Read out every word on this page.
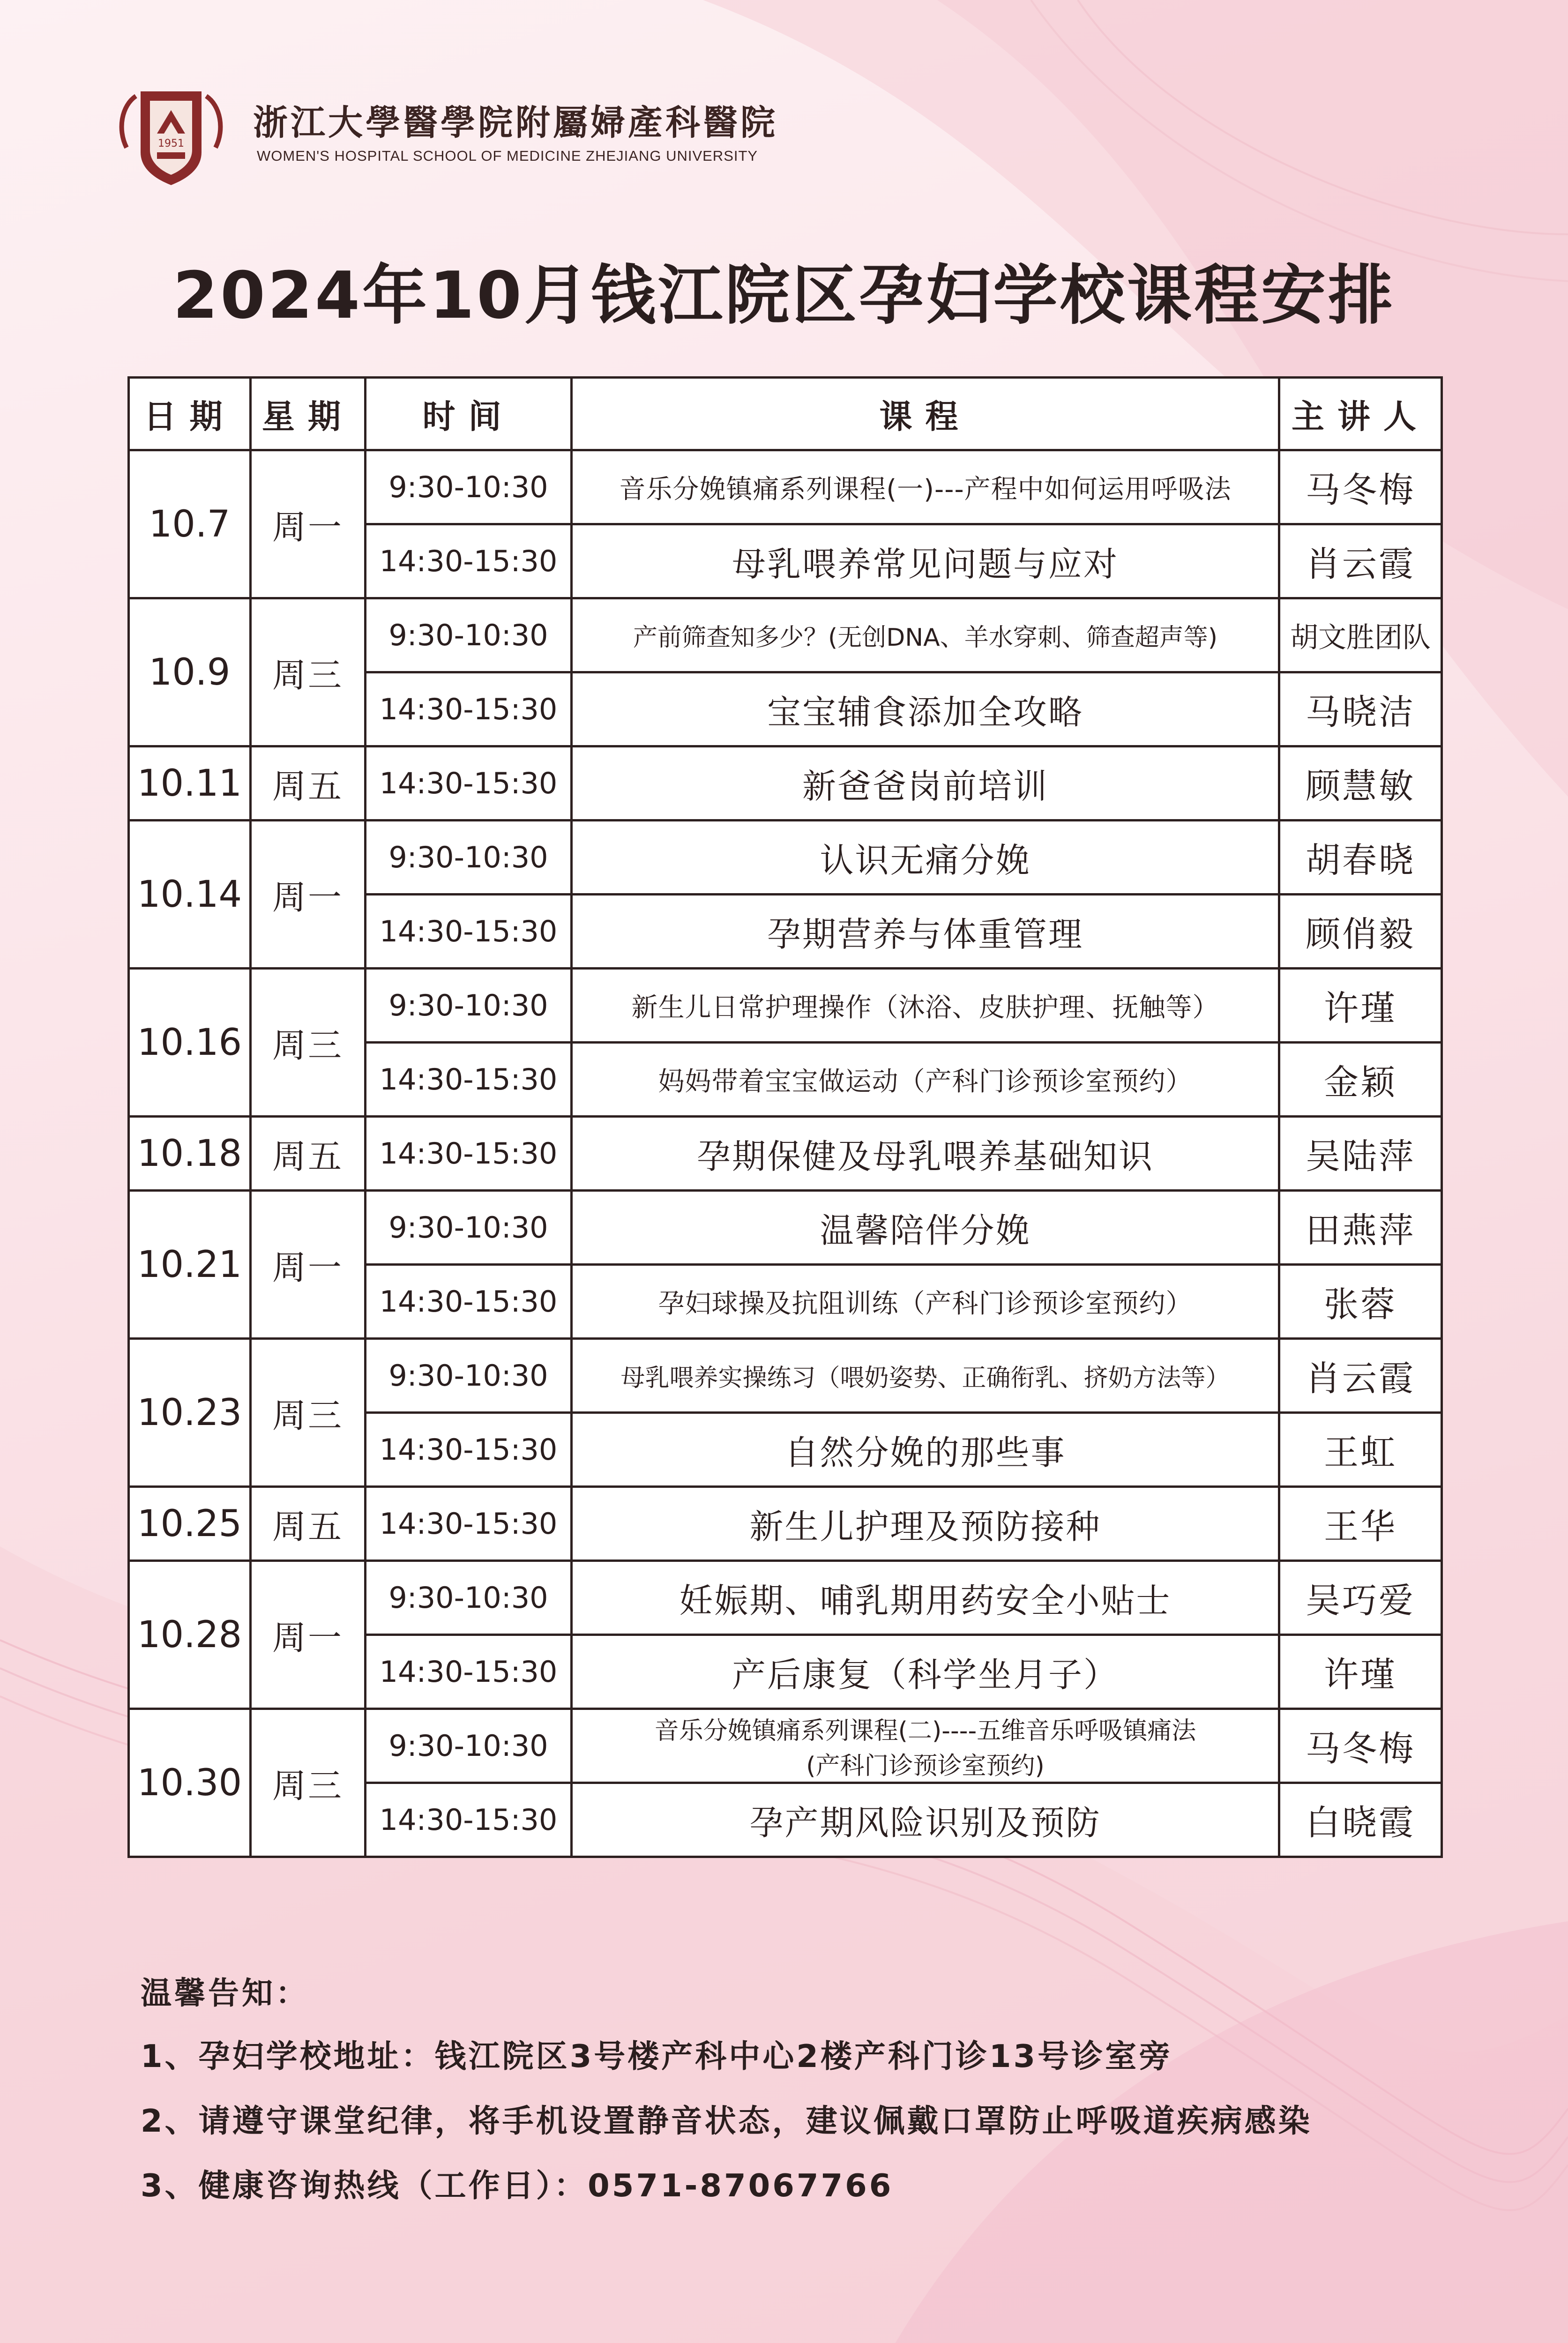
1951
浙江大學醫學院附屬婦產科醫院
WOMEN'S HOSPITAL SCHOOL OF MEDICINE ZHEJIANG UNIVERSITY
2024年10月钱江院区孕妇学校课程安排
日期	星期	时间	课程	主讲人
10.7	周一	9:30-10:30	音乐分娩镇痛系列课程(一)---产程中如何运用呼吸法	马冬梅
		14:30-15:30	母乳喂养常见问题与应对	肖云霞
10.9	周三	9:30-10:30	产前筛查知多少？(无创DNA、羊水穿刺、筛查超声等)	胡文胜团队
		14:30-15:30	宝宝辅食添加全攻略	马晓洁
10.11	周五	14:30-15:30	新爸爸岗前培训	顾慧敏
10.14	周一	9:30-10:30	认识无痛分娩	胡春晓
		14:30-15:30	孕期营养与体重管理	顾俏毅
10.16	周三	9:30-10:30	新生儿日常护理操作（沐浴、皮肤护理、抚触等）	许瑾
		14:30-15:30	妈妈带着宝宝做运动（产科门诊预诊室预约）	金颖
10.18	周五	14:30-15:30	孕期保健及母乳喂养基础知识	吴陆萍
10.21	周一	9:30-10:30	温馨陪伴分娩	田燕萍
		14:30-15:30	孕妇球操及抗阻训练（产科门诊预诊室预约）	张蓉
10.23	周三	9:30-10:30	母乳喂养实操练习（喂奶姿势、正确衔乳、挤奶方法等）	肖云霞
		14:30-15:30	自然分娩的那些事	王虹
10.25	周五	14:30-15:30	新生儿护理及预防接种	王华
10.28	周一	9:30-10:30	妊娠期、哺乳期用药安全小贴士	吴巧爱
		14:30-15:30	产后康复（科学坐月子）	许瑾
10.30	周三	9:30-10:30	音乐分娩镇痛系列课程(二)----五维音乐呼吸镇痛法
(产科门诊预诊室预约)	马冬梅
		14:30-15:30	孕产期风险识别及预防	白晓霞
温馨告知：
1、孕妇学校地址：钱江院区3号楼产科中心2楼产科门诊13号诊室旁
2、请遵守课堂纪律，将手机设置静音状态，建议佩戴口罩防止呼吸道疾病感染
3、健康咨询热线（工作日）：0571-87067766
